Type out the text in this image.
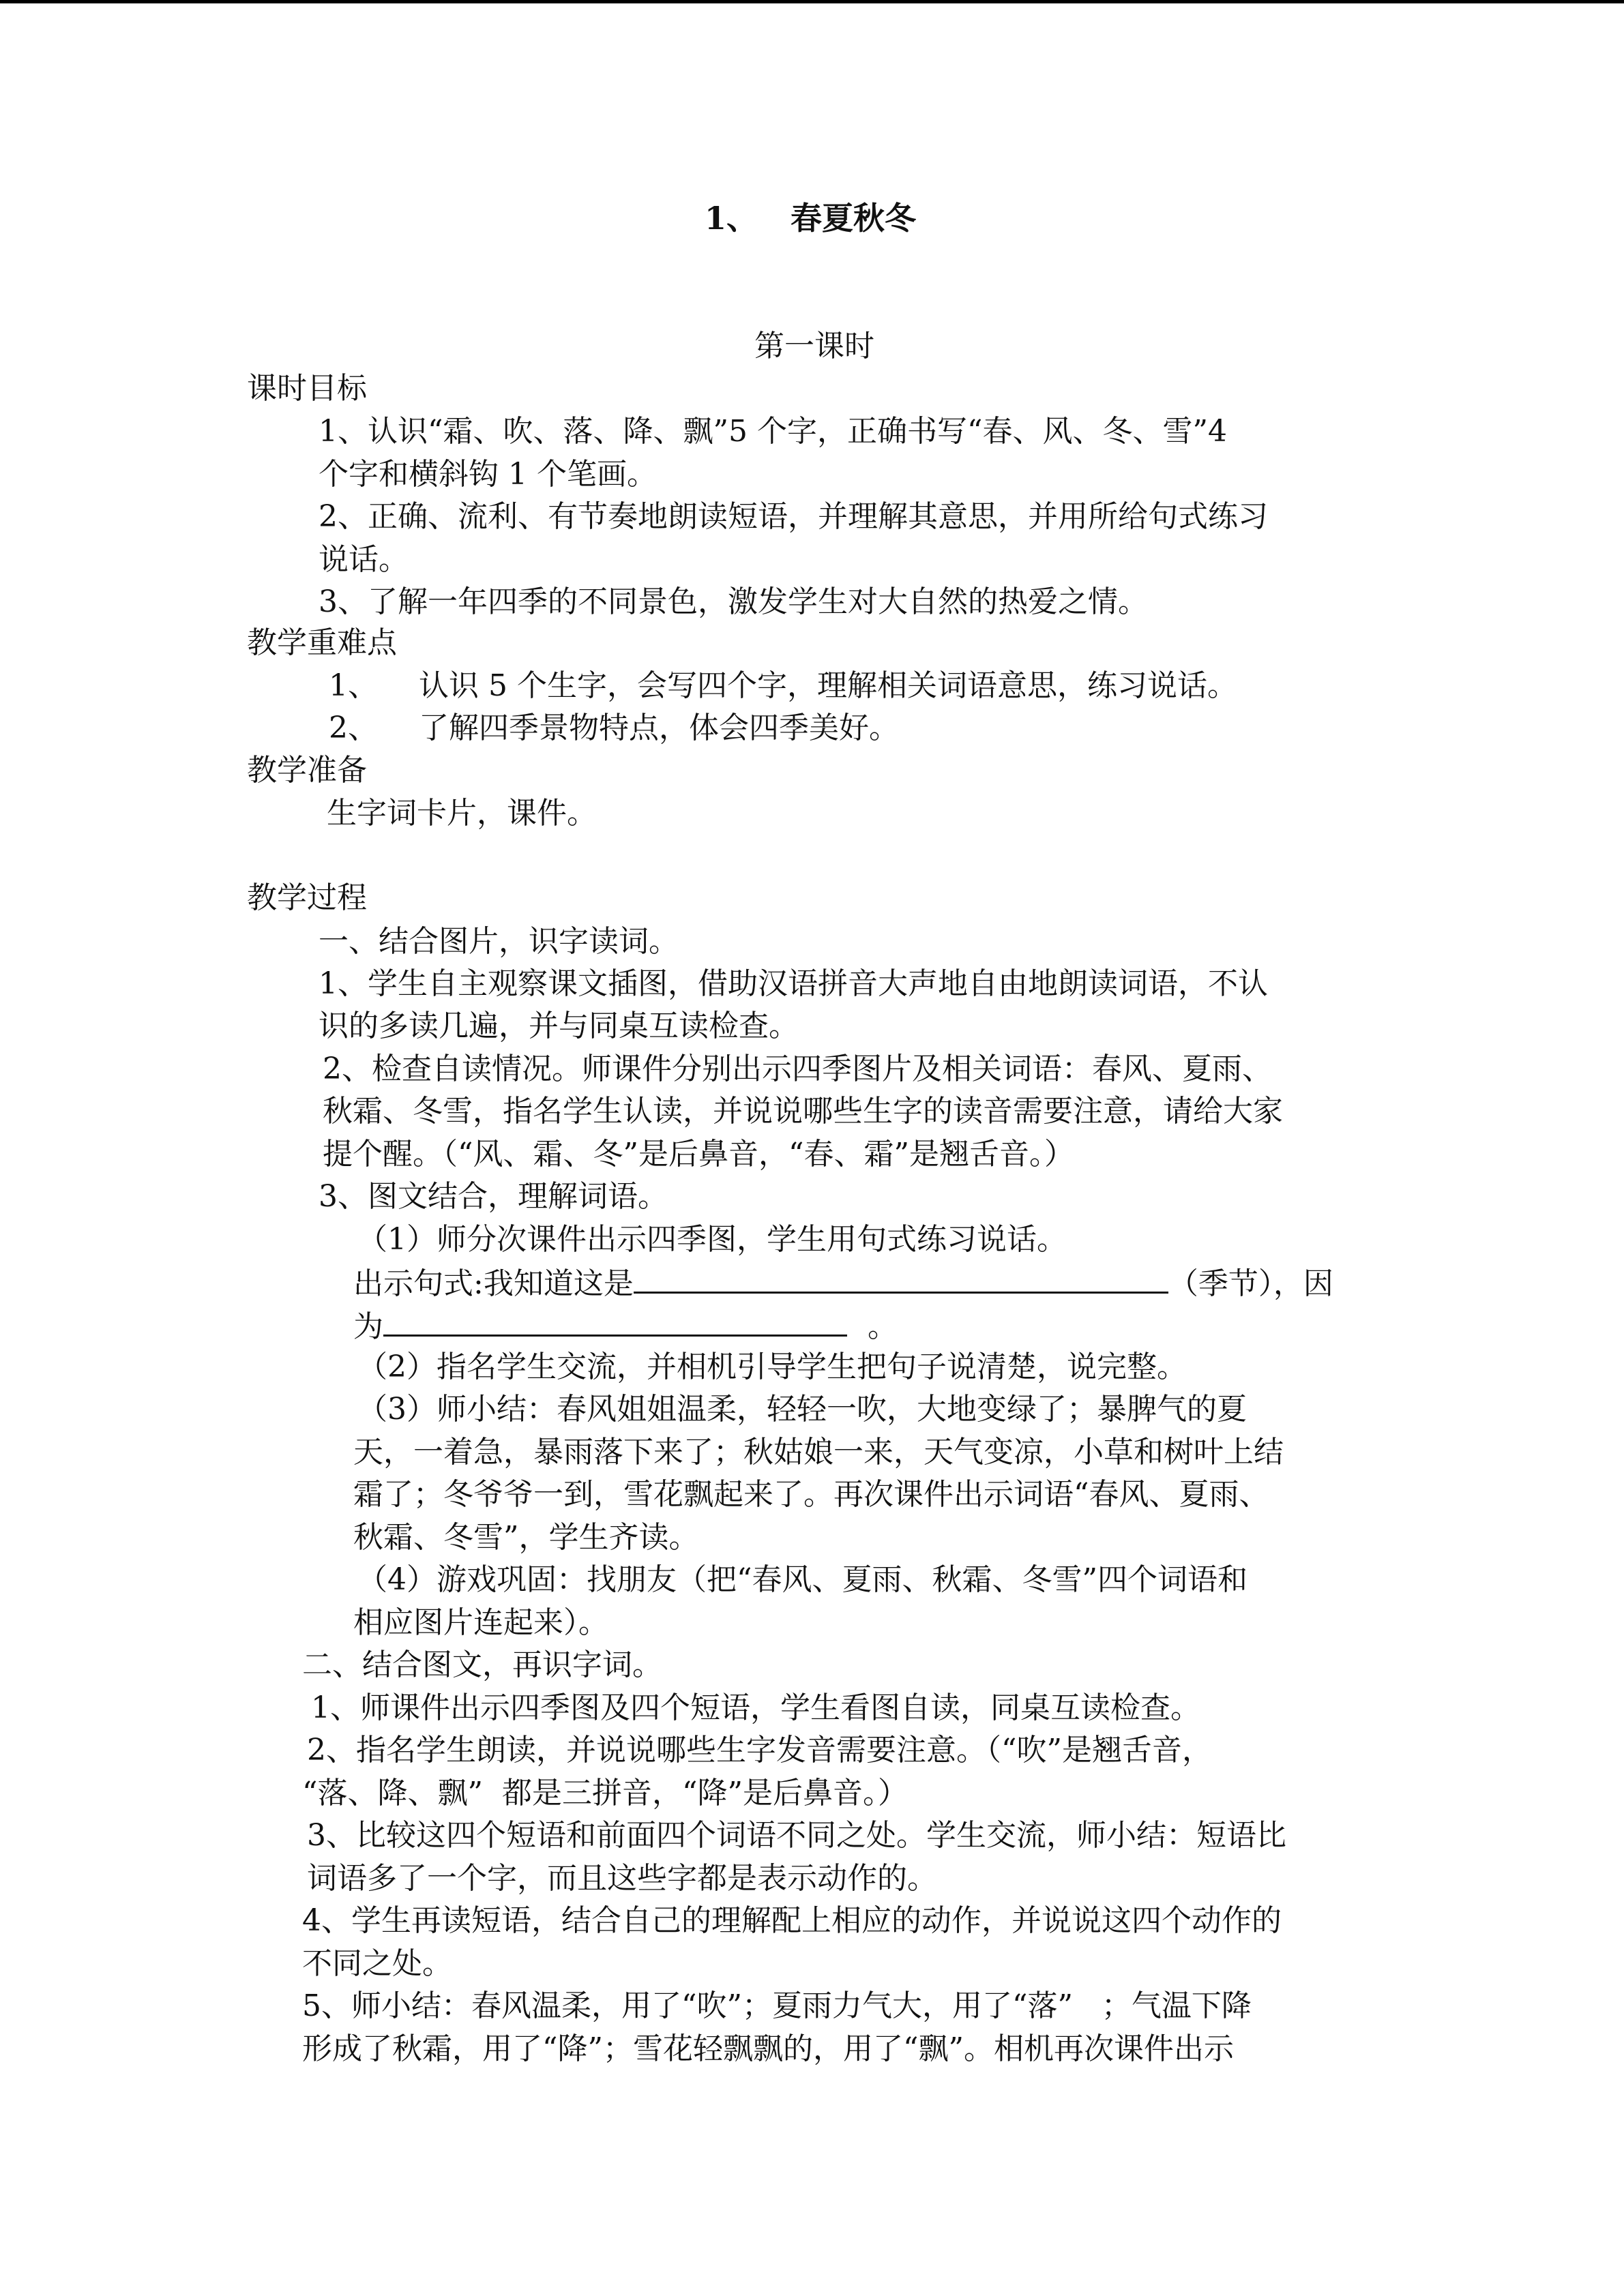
1、   春夏秋冬
第一课时
课时目标
1、认识“霜、吹、落、降、飘”5 个字，正确书写“春、风、冬、雪”4
个字和横斜钩 1 个笔画。
2、正确、流利、有节奏地朗读短语，并理解其意思，并用所给句式练习
说话。
3、了解一年四季的不同景色，激发学生对大自然的热爱之情。
教学重难点
1、 认识 5 个生字，会写四个字，理解相关词语意思，练习说话。
2、 了解四季景物特点，体会四季美好。
教学准备
生字词卡片，课件。
教学过程
一、结合图片，识字读词。
1、学生自主观察课文插图，借助汉语拼音大声地自由地朗读词语，不认
识的多读几遍，并与同桌互读检查。
2、检查自读情况。师课件分别出示四季图片及相关词语：春风、夏雨、
秋霜、冬雪，指名学生认读，并说说哪些生字的读音需要注意，请给大家
提个醒。（“风、霜、冬”是后鼻音，“春、霜”是翘舌音。）
3、图文结合，理解词语。
（1）师分次课件出示四季图，学生用句式练习说话。
出示句式:我知道这是	（季节），因
为	。
（2）指名学生交流，并相机引导学生把句子说清楚，说完整。
（3）师小结：春风姐姐温柔，轻轻一吹，大地变绿了；暴脾气的夏
天，一着急，暴雨落下来了；秋姑娘一来，天气变凉，小草和树叶上结
霜了；冬爷爷一到，雪花飘起来了。再次课件出示词语“春风、夏雨、
秋霜、冬雪”，学生齐读。
（4）游戏巩固：找朋友（把“春风、夏雨、秋霜、冬雪”四个词语和
相应图片连起来）。
二、结合图文，再识字词。
1、师课件出示四季图及四个短语，学生看图自读，同桌互读检查。
2、指名学生朗读，并说说哪些生字发音需要注意。（“吹”是翘舌音，
“落、降、飘”  都是三拼音，“降”是后鼻音。）
3、比较这四个短语和前面四个词语不同之处。学生交流，师小结：短语比
词语多了一个字，而且这些字都是表示动作的。
4、学生再读短语，结合自己的理解配上相应的动作，并说说这四个动作的
不同之处。
5、师小结：春风温柔，用了“吹”；夏雨力气大，用了“落”   ；气温下降
形成了秋霜，用了“降”；雪花轻飘飘的，用了“飘”。相机再次课件出示
